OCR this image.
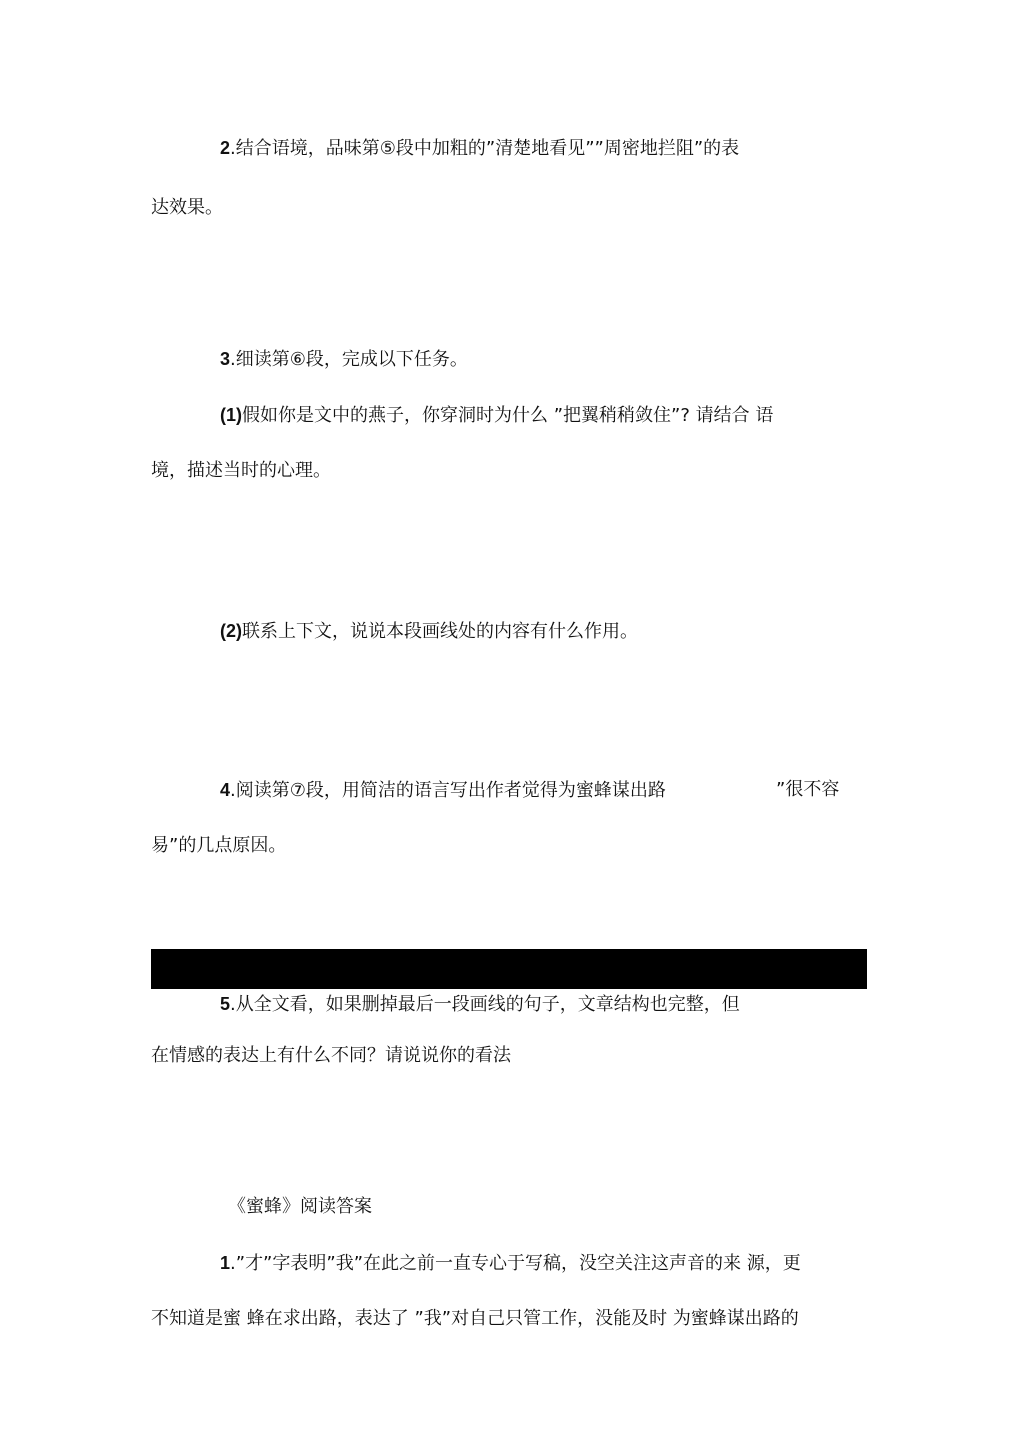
2.结合语境，品味第⑤段中加粗的”清楚地看见””周密地拦阻”的表
达效果。
3.细读第⑥段，完成以下任务。
(1)假如你是文中的燕子，你穿洞时为什么 ”把翼稍稍敛住”? 请结合 语
境，描述当时的心理。
(2)联系上下文，说说本段画线处的内容有什么作用。
4.阅读第⑦段，用简洁的语言写出作者觉得为蜜蜂谋出路	”很不容
易”的几点原因。
5.从全文看，如果删掉最后一段画线的句子，文章结构也完整，但
在情感的表达上有什么不同？请说说你的看法
《蜜蜂》阅读答案
1.”才”字表明”我”在此之前一直专心于写稿，没空关注这声音的来 源，更
不知道是蜜 蜂在求出路，表达了 ”我”对自己只管工作，没能及时 为蜜蜂谋出路的
